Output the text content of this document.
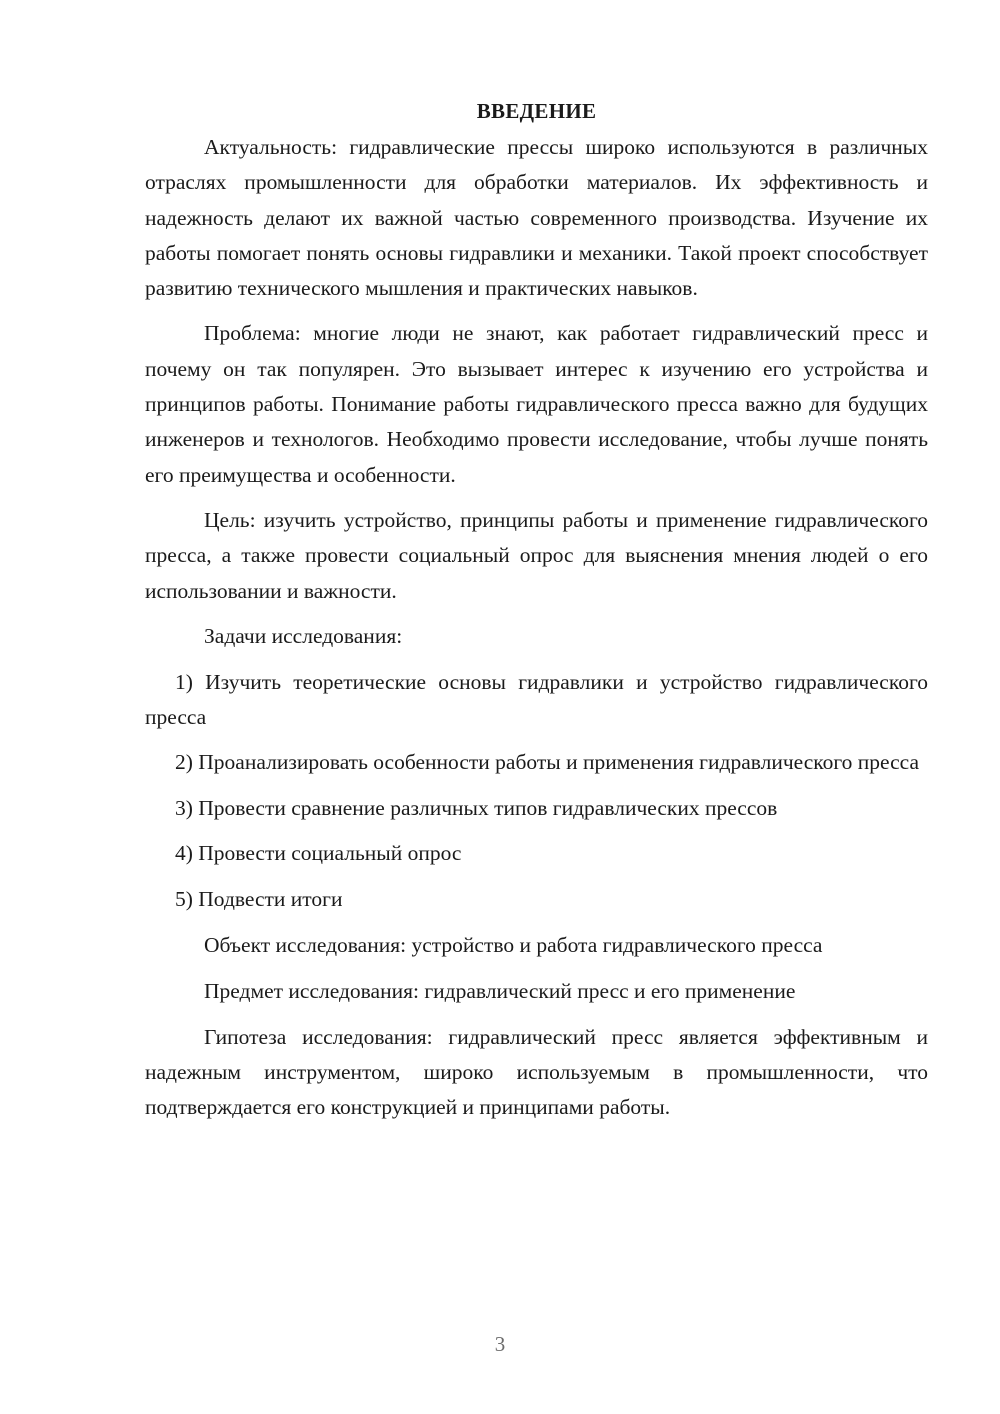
ВВЕДЕНИЕ

Актуальность: гидравлические прессы широко используются в различных отраслях промышленности для обработки материалов. Их эффективность и надежность делают их важной частью современного производства. Изучение их работы помогает понять основы гидравлики и механики. Такой проект способствует развитию технического мышления и практических навыков.

Проблема: многие люди не знают, как работает гидравлический пресс и почему он так популярен. Это вызывает интерес к изучению его устройства и принципов работы. Понимание работы гидравлического пресса важно для будущих инженеров и технологов. Необходимо провести исследование, чтобы лучше понять его преимущества и особенности.

Цель: изучить устройство, принципы работы и применение гидравлического пресса, а также провести социальный опрос для выяснения мнения людей о его использовании и важности.

Задачи исследования:

1) Изучить теоретические основы гидравлики и устройство гидравлического пресса

2) Проанализировать особенности работы и применения гидравлического пресса

3) Провести сравнение различных типов гидравлических прессов

4) Провести социальный опрос

5) Подвести итоги

Объект исследования: устройство и работа гидравлического пресса

Предмет исследования: гидравлический пресс и его применение

Гипотеза исследования: гидравлический пресс является эффективным и надежным инструментом, широко используемым в промышленности, что подтверждается его конструкцией и принципами работы.

3
